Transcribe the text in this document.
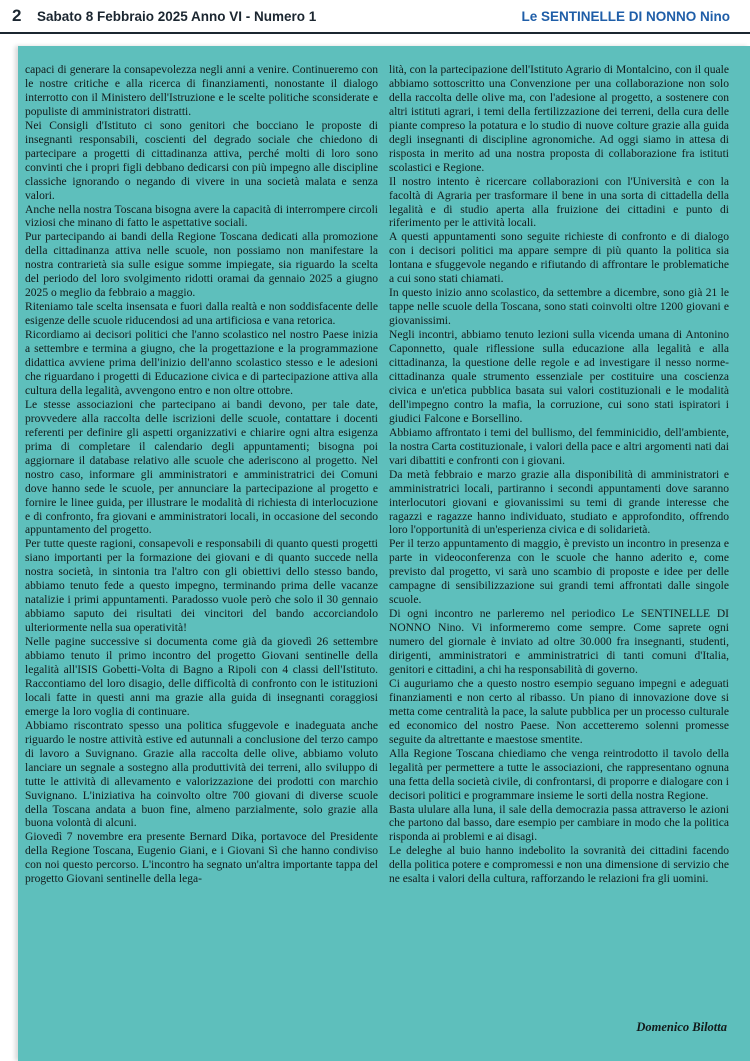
2 Sabato 8 Febbraio 2025 Anno VI - Numero 1	Le SENTINELLE DI NONNO Nino

capaci di generare la consapevolezza negli anni a venire. Continueremo con le nostre critiche e alla ricerca di finanziamenti, nonostante il dialogo interrotto con il Ministero dell'Istruzione e le scelte politiche sconsiderate e populiste di amministratori distratti.

Nei Consigli d'Istituto ci sono genitori che bocciano le proposte di insegnanti responsabili, coscienti del degrado sociale che chiedono di partecipare a progetti di cittadinanza attiva, perché molti di loro sono convinti che i propri figli debbano dedicarsi con più impegno alle discipline classiche ignorando o negando di vivere in una società malata e senza valori.

Anche nella nostra Toscana bisogna avere la capacità di interrompere circoli viziosi che minano di fatto le aspettative sociali.

Pur partecipando ai bandi della Regione Toscana dedicati alla promozione della cittadinanza attiva nelle scuole, non possiamo non manifestare la nostra contrarietà sia sulle esigue somme impiegate, sia riguardo la scelta del periodo del loro svolgimento ridotti oramai da gennaio 2025 a giugno 2025 o meglio da febbraio a maggio.

Riteniamo tale scelta insensata e fuori dalla realtà e non soddisfacente delle esigenze delle scuole riducendosi ad una artificiosa e vana retorica.

Ricordiamo ai decisori politici che l'anno scolastico nel nostro Paese inizia a settembre e termina a giugno, che la progettazione e la programmazione didattica avviene prima dell'inizio dell'anno scolastico stesso e le adesioni che riguardano i progetti di Educazione civica e di partecipazione attiva alla cultura della legalità, avvengono entro e non oltre ottobre.

Le stesse associazioni che partecipano ai bandi devono, per tale date, provvedere alla raccolta delle iscrizioni delle scuole, contattare i docenti referenti per definire gli aspetti organizzativi e chiarire ogni altra esigenza prima di completare il calendario degli appuntamenti; bisogna poi aggiornare il database relativo alle scuole che aderiscono al progetto. Nel nostro caso, informare gli amministratori e amministratrici dei Comuni dove hanno sede le scuole, per annunciare la partecipazione al progetto e fornire le linee guida, per illustrare le modalità di richiesta di interlocuzione e di confronto, fra giovani e amministratori locali, in occasione del secondo appuntamento del progetto.

Per tutte queste ragioni, consapevoli e responsabili di quanto questi progetti siano importanti per la formazione dei giovani e di quanto succede nella nostra società, in sintonia tra l'altro con gli obiettivi dello stesso bando, abbiamo tenuto fede a questo impegno, terminando prima delle vacanze natalizie i primi appuntamenti. Paradosso vuole però che solo il 30 gennaio abbiamo saputo dei risultati dei vincitori del bando accorciandolo ulteriormente nella sua operatività!

Nelle pagine successive si documenta come già da giovedì 26 settembre abbiamo tenuto il primo incontro del progetto Giovani sentinelle della legalità all'ISIS Gobetti-Volta di Bagno a Ripoli con 4 classi dell'Istituto. Raccontiamo del loro disagio, delle difficoltà di confronto con le istituzioni locali fatte in questi anni ma grazie alla guida di insegnanti coraggiosi emerge la loro voglia di continuare.

Abbiamo riscontrato spesso una politica sfuggevole e inadeguata anche riguardo le nostre attività estive ed autunnali a conclusione del terzo campo di lavoro a Suvignano. Grazie alla raccolta delle olive, abbiamo voluto lanciare un segnale a sostegno alla produttività dei terreni, allo sviluppo di tutte le attività di allevamento e valorizzazione dei prodotti con marchio Suvignano. L'iniziativa ha coinvolto oltre 700 giovani di diverse scuole della Toscana andata a buon fine, almeno parzialmente, solo grazie alla buona volontà di alcuni.

Giovedì 7 novembre era presente Bernard Dika, portavoce del Presidente della Regione Toscana, Eugenio Giani, e i Giovani Sì che hanno condiviso con noi questo percorso. L'incontro ha segnato un'altra importante tappa del progetto Giovani sentinelle della lega-

lità, con la partecipazione dell'Istituto Agrario di Montalcino, con il quale abbiamo sottoscritto una Convenzione per una collaborazione non solo della raccolta delle olive ma, con l'adesione al progetto, a sostenere con altri istituti agrari, i temi della fertilizzazione dei terreni, della cura delle piante compreso la potatura e lo studio di nuove colture grazie alla guida degli insegnanti di discipline agronomiche. Ad oggi siamo in attesa di risposta in merito ad una nostra proposta di collaborazione fra istituti scolastici e Regione.

Il nostro intento è ricercare collaborazioni con l'Università e con la facoltà di Agraria per trasformare il bene in una sorta di cittadella della legalità e di studio aperta alla fruizione dei cittadini e punto di riferimento per le attività locali.

A questi appuntamenti sono seguite richieste di confronto e di dialogo con i decisori politici ma appare sempre di più quanto la politica sia lontana e sfuggevole negando e rifiutando di affrontare le problematiche a cui sono stati chiamati.

In questo inizio anno scolastico, da settembre a dicembre, sono già 21 le tappe nelle scuole della Toscana, sono stati coinvolti oltre 1200 giovani e giovanissimi.

Negli incontri, abbiamo tenuto lezioni sulla vicenda umana di Antonino Caponnetto, quale riflessione sulla educazione alla legalità e alla cittadinanza, la questione delle regole e ad investigare il nesso norme-cittadinanza quale strumento essenziale per costituire una coscienza civica e un'etica pubblica basata sui valori costituzionali e le modalità dell'impegno contro la mafia, la corruzione, cui sono stati ispiratori i giudici Falcone e Borsellino.

Abbiamo affrontato i temi del bullismo, del femminicidio, dell'ambiente, la nostra Carta costituzionale, i valori della pace e altri argomenti nati dai vari dibattiti e confronti con i giovani.

Da metà febbraio e marzo grazie alla disponibilità di amministratori e amministratrici locali, partiranno i secondi appuntamenti dove saranno interlocutori giovani e giovanissimi su temi di grande interesse che ragazzi e ragazze hanno individuato, studiato e approfondito, offrendo loro l'opportunità di un'esperienza civica e di solidarietà.

Per il terzo appuntamento di maggio, è previsto un incontro in presenza e parte in videoconferenza con le scuole che hanno aderito e, come previsto dal progetto, vi sarà uno scambio di proposte e idee per delle campagne di sensibilizzazione sui grandi temi affrontati dalle singole scuole.

Di ogni incontro ne parleremo nel periodico Le SENTINELLE DI NONNO Nino. Vi informeremo come sempre. Come saprete ogni numero del giornale è inviato ad oltre 30.000 fra insegnanti, studenti, dirigenti, amministratori e amministratrici di tanti comuni d'Italia, genitori e cittadini, a chi ha responsabilità di governo.

Ci auguriamo che a questo nostro esempio seguano impegni e adeguati finanziamenti e non certo al ribasso. Un piano di innovazione dove si metta come centralità la pace, la salute pubblica per un processo culturale ed economico del nostro Paese. Non accetteremo solenni promesse seguite da altrettante e maestose smentite.

Alla Regione Toscana chiediamo che venga reintrodotto il tavolo della legalità per permettere a tutte le associazioni, che rappresentano ognuna una fetta della società civile, di confrontarsi, di proporre e dialogare con i decisori politici e programmare insieme le sorti della nostra Regione.

Basta ululare alla luna, il sale della democrazia passa attraverso le azioni che partono dal basso, dare esempio per cambiare in modo che la politica risponda ai problemi e ai disagi.

Le deleghe al buio hanno indebolito la sovranità dei cittadini facendo della politica potere e compromessi e non una dimensione di servizio che ne esalta i valori della cultura, rafforzando le relazioni fra gli uomini.

Domenico Bilotta
